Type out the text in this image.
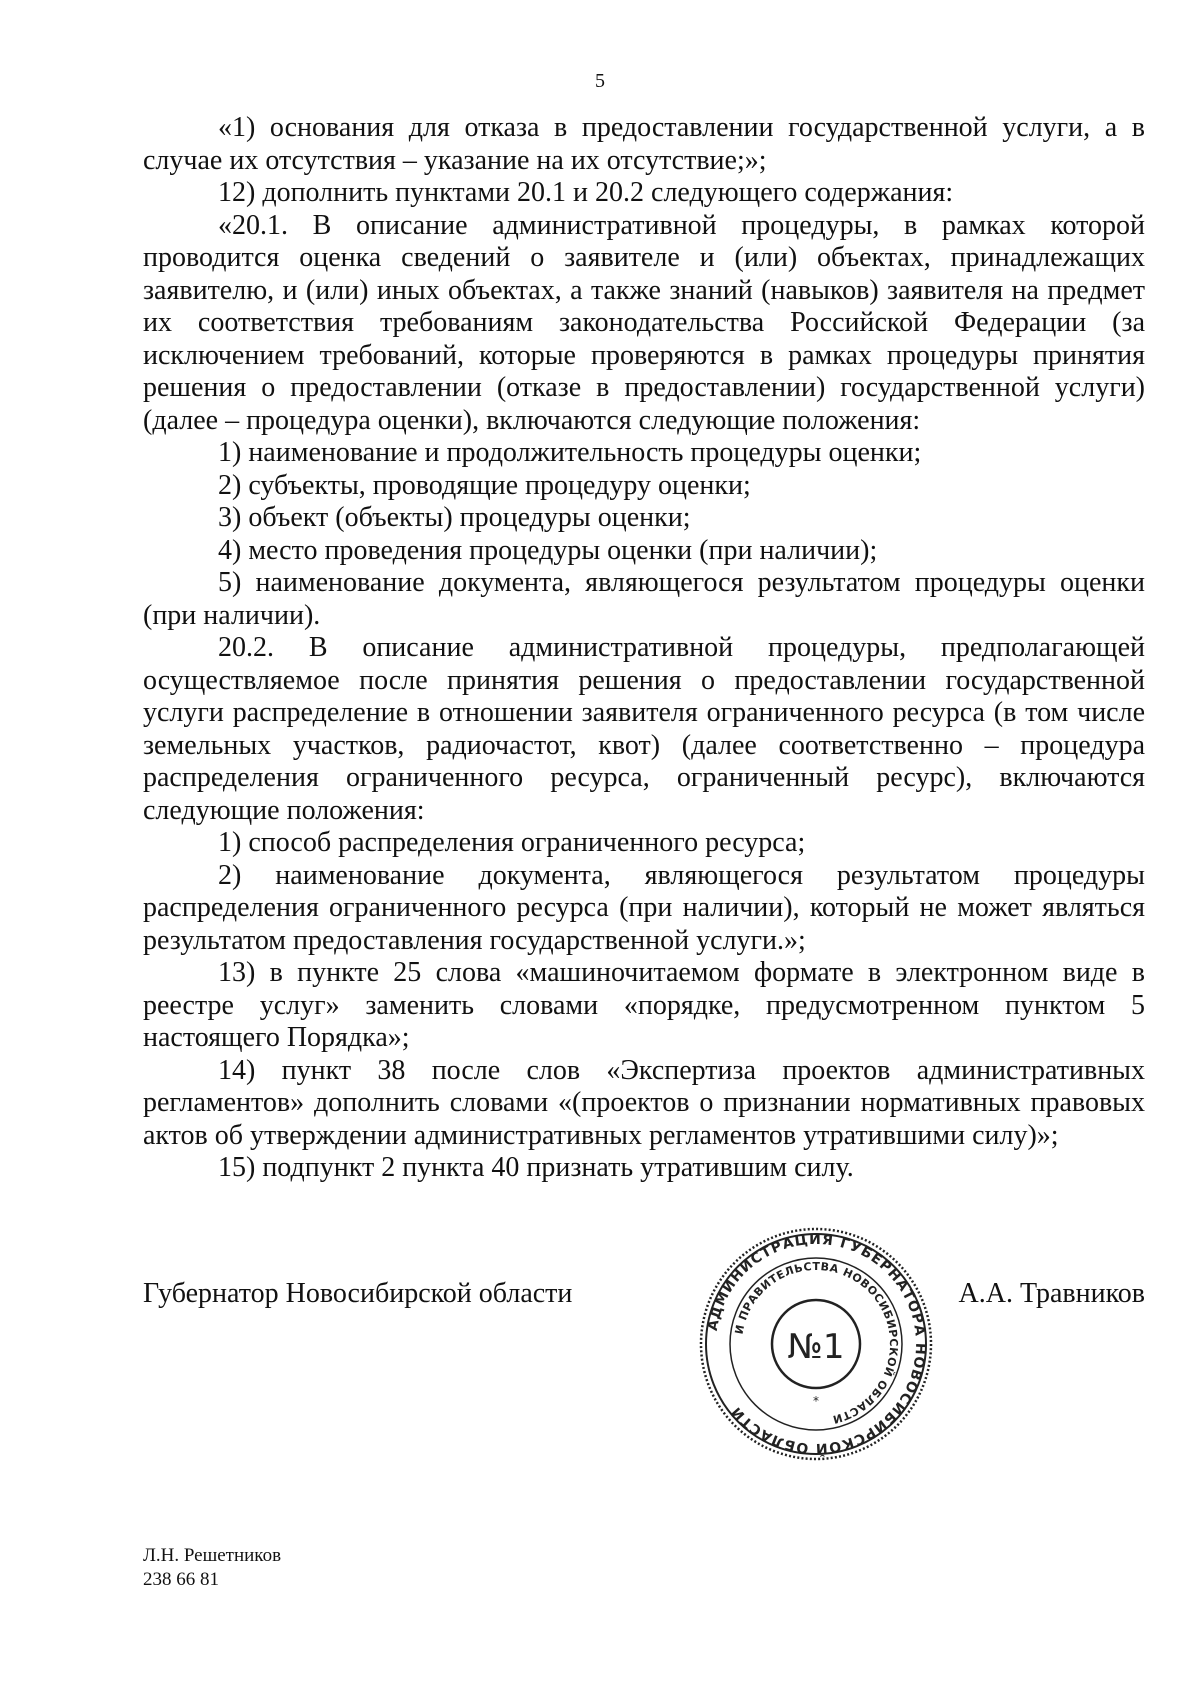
5

«1) основания для отказа в предоставлении государственной услуги, а в случае их отсутствия – указание на их отсутствие;»;

12) дополнить пунктами 20.1 и 20.2 следующего содержания:

«20.1. В описание административной процедуры, в рамках которой проводится оценка сведений о заявителе и (или) объектах, принадлежащих заявителю, и (или) иных объектах, а также знаний (навыков) заявителя на предмет их соответствия требованиям законодательства Российской Федерации (за исключением требований, которые проверяются в рамках процедуры принятия решения о предоставлении (отказе в предоставлении) государственной услуги) (далее – процедура оценки), включаются следующие положения:

1) наименование и продолжительность процедуры оценки;

2) субъекты, проводящие процедуру оценки;

3) объект (объекты) процедуры оценки;

4) место проведения процедуры оценки (при наличии);

5) наименование документа, являющегося результатом процедуры оценки (при наличии).

20.2. В описание административной процедуры, предполагающей осуществляемое после принятия решения о предоставлении государственной услуги распределение в отношении заявителя ограниченного ресурса (в том числе земельных участков, радиочастот, квот) (далее соответственно – процедура распределения ограниченного ресурса, ограниченный ресурс), включаются следующие положения:

1) способ распределения ограниченного ресурса;

2) наименование документа, являющегося результатом процедуры распределения ограниченного ресурса (при наличии), который не может являться результатом предоставления государственной услуги.»;

13) в пункте 25 слова «машиночитаемом формате в электронном виде в реестре услуг» заменить словами «порядке, предусмотренном пунктом 5 настоящего Порядка»;

14) пункт 38 после слов «Экспертиза проектов административных регламентов» дополнить словами «(проектов о признании нормативных правовых актов об утверждении административных регламентов утратившими силу)»;

15) подпункт 2 пункта 40 признать утратившим силу.

Губернатор Новосибирской области	А.А. Травников
АДМИНИСТРАЦИЯ ГУБЕРНАТОРА НОВОСИБИРСКОЙ ОБЛАСТИ
И ПРАВИТЕЛЬСТВА НОВОСИБИРСКОЙ ОБЛАСТИ
№1
*
Л.Н. Решетников
238 66 81
